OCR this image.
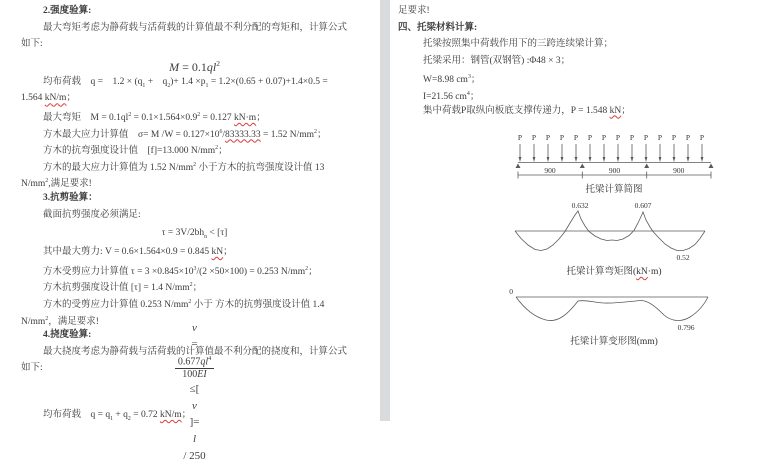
2.强度验算:
最大弯矩考虑为静荷载与活荷载的计算值最不利分配的弯矩和，计算公式
如下:
$M = 0.1ql^2$
均布荷载　q =　$1.2 \times (q_1$ +　$q_2)+ 1.4 \times p_1 = 1.2\times(0.65 + 0.07)+1.4\times 0.5$ =
1.564 kN/m；
最大弯矩　$M = 0.1ql^2 = 0.1\times 1.564\times 0.9^2 = 0.127$ kN·m；
方木最大应力计算值　σ= M $/W = 0.127\times 10^6/83333.33 = 1.52$ $N/mm^2$；
方木的抗弯强度设计值　[f]=13.000 $N/mm^2$；
方木的最大应力计算值为 1.52 $N/mm^2$ 小于方木的抗弯强度设计值 13
$N/mm^2$,满足要求!
3.抗剪验算：
截面抗剪强度必须满足:
$\tau = 3V/2bh_n < [\tau]$
其中最大剪力: V = 0.6×1.564×0.9 = 0.845 kN；
方木受剪应力计算值 $\tau = 3 \times 0.845\times 10^3/(2 \times 50\times 100) = 0.253$ $N/mm^2$；
方木抗剪强度设计值 [τ] = 1.4 $N/mm^2$；
方木的受剪应力计算值 0.253 $N/mm^2$ 小于 方木的抗剪强度设计值 1.4
$N/mm^2$，满足要求!
4.挠度验算:
最大挠度考虑为静荷载与活荷载的计算值最不利分配的挠度和，计算公式
如下:
v
=
$\frac{0.677ql^4}{100EI}$
≤[
v
]=
l
/ 250
均布荷载　$q = q_1 + q_2 = 0.72$ kN/m；
足要求!
四、托梁材料计算:
托梁按照集中荷载作用下的三跨连续梁计算；
托梁采用：钢管(双钢管) :Φ48 × 3；
W=8.98 $cm^3$；
I=21.56 $cm^4$；
集中荷载P取纵向板底支撑传递力，P = 1.548 kN；
P P P P P P P P P P P P P P
900	900	900
0.632	0.607
0.52
0
0.796
托梁计算简图
托梁计算弯矩图(kN·m)
托梁计算变形图(mm)
